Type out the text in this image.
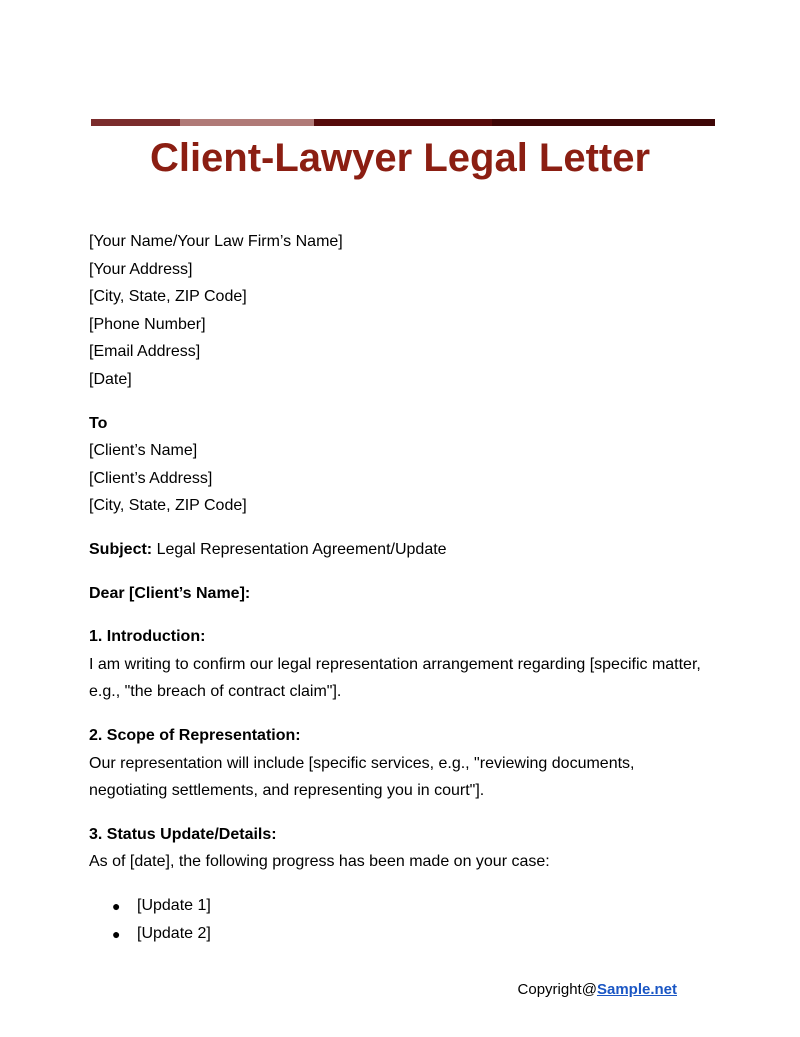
Client-Lawyer Legal Letter
[Your Name/Your Law Firm’s Name]
[Your Address]
[City, State, ZIP Code]
[Phone Number]
[Email Address]
[Date]
To
[Client’s Name]
[Client’s Address]
[City, State, ZIP Code]
Subject: Legal Representation Agreement/Update
Dear [Client’s Name]:
1. Introduction:
I am writing to confirm our legal representation arrangement regarding [specific matter,
e.g., "the breach of contract claim"].
2. Scope of Representation:
Our representation will include [specific services, e.g., "reviewing documents,
negotiating settlements, and representing you in court"].
3. Status Update/Details:
As of [date], the following progress has been made on your case:
● [Update 1]
● [Update 2]
Copyright@Sample.net
